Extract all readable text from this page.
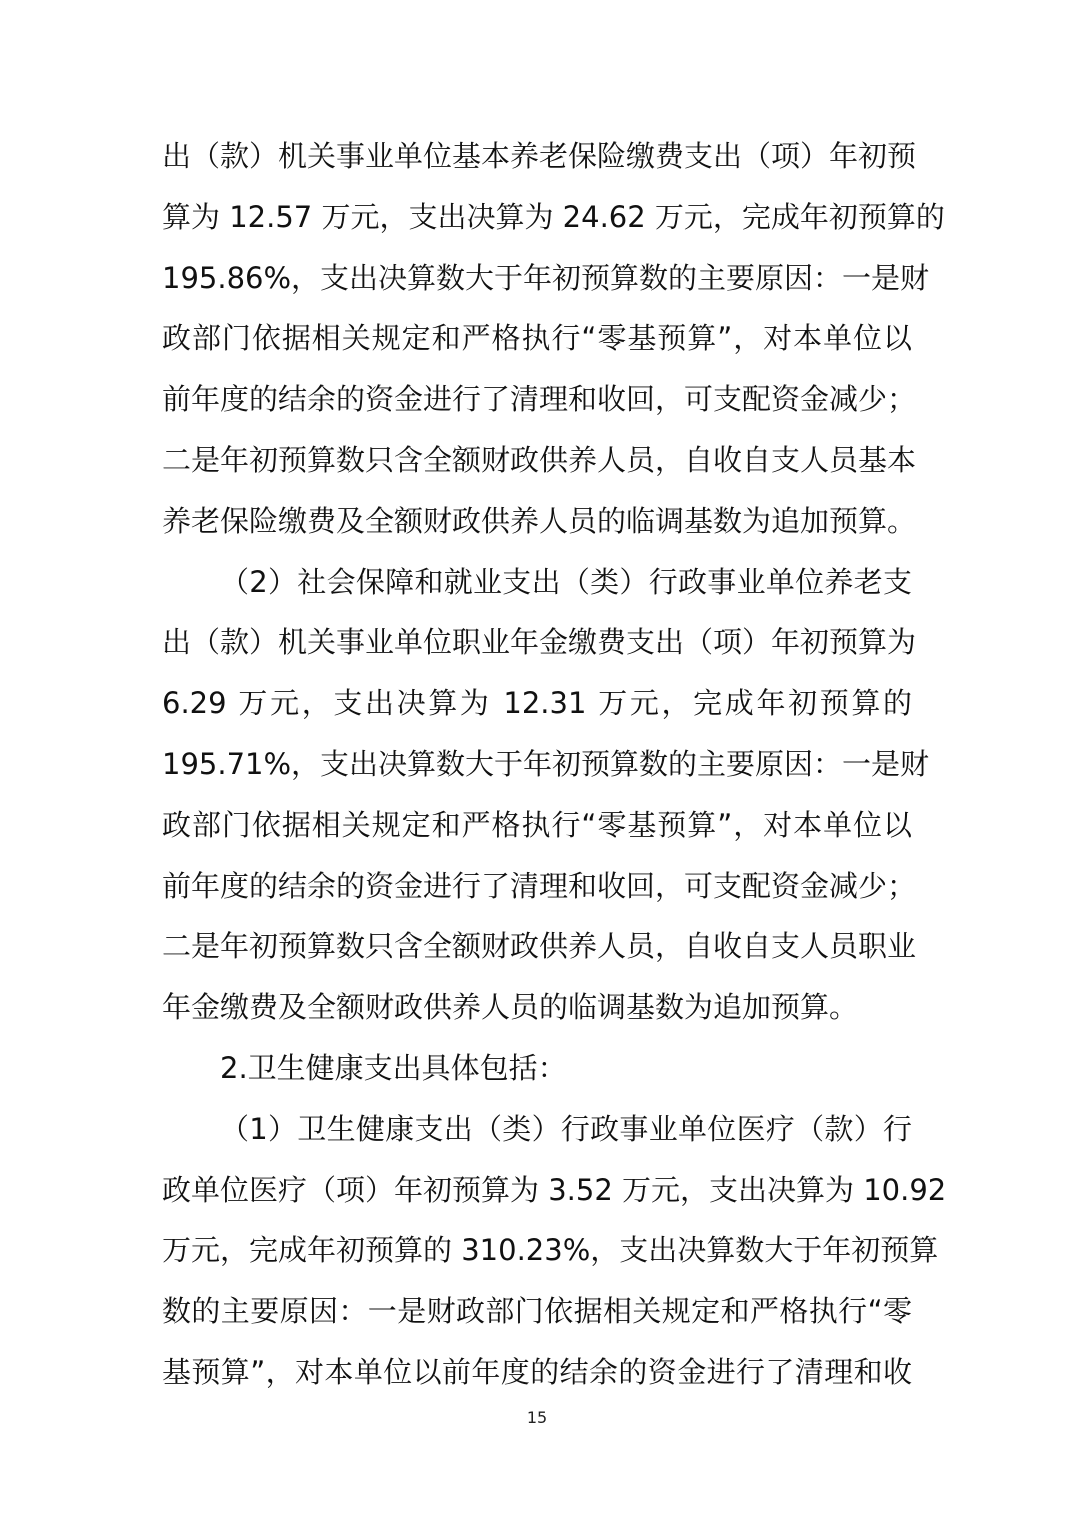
出（款）机关事业单位基本养老保险缴费支出（项）年初预
算为 12.57 万元，支出决算为 24.62 万元，完成年初预算的
195.86%，支出决算数大于年初预算数的主要原因：一是财
政部门依据相关规定和严格执行“零基预算”，对本单位以
前年度的结余的资金进行了清理和收回，可支配资金减少；
二是年初预算数只含全额财政供养人员，自收自支人员基本
养老保险缴费及全额财政供养人员的临调基数为追加预算。
（2）社会保障和就业支出（类）行政事业单位养老支
出（款）机关事业单位职业年金缴费支出（项）年初预算为
6.29 万元，支出决算为 12.31 万元，完成年初预算的
195.71%，支出决算数大于年初预算数的主要原因：一是财
政部门依据相关规定和严格执行“零基预算”，对本单位以
前年度的结余的资金进行了清理和收回，可支配资金减少；
二是年初预算数只含全额财政供养人员，自收自支人员职业
年金缴费及全额财政供养人员的临调基数为追加预算。
2.卫生健康支出具体包括：
（1）卫生健康支出（类）行政事业单位医疗（款）行
政单位医疗（项）年初预算为 3.52 万元，支出决算为 10.92
万元，完成年初预算的 310.23%，支出决算数大于年初预算
数的主要原因：一是财政部门依据相关规定和严格执行“零
基预算”，对本单位以前年度的结余的资金进行了清理和收
15
